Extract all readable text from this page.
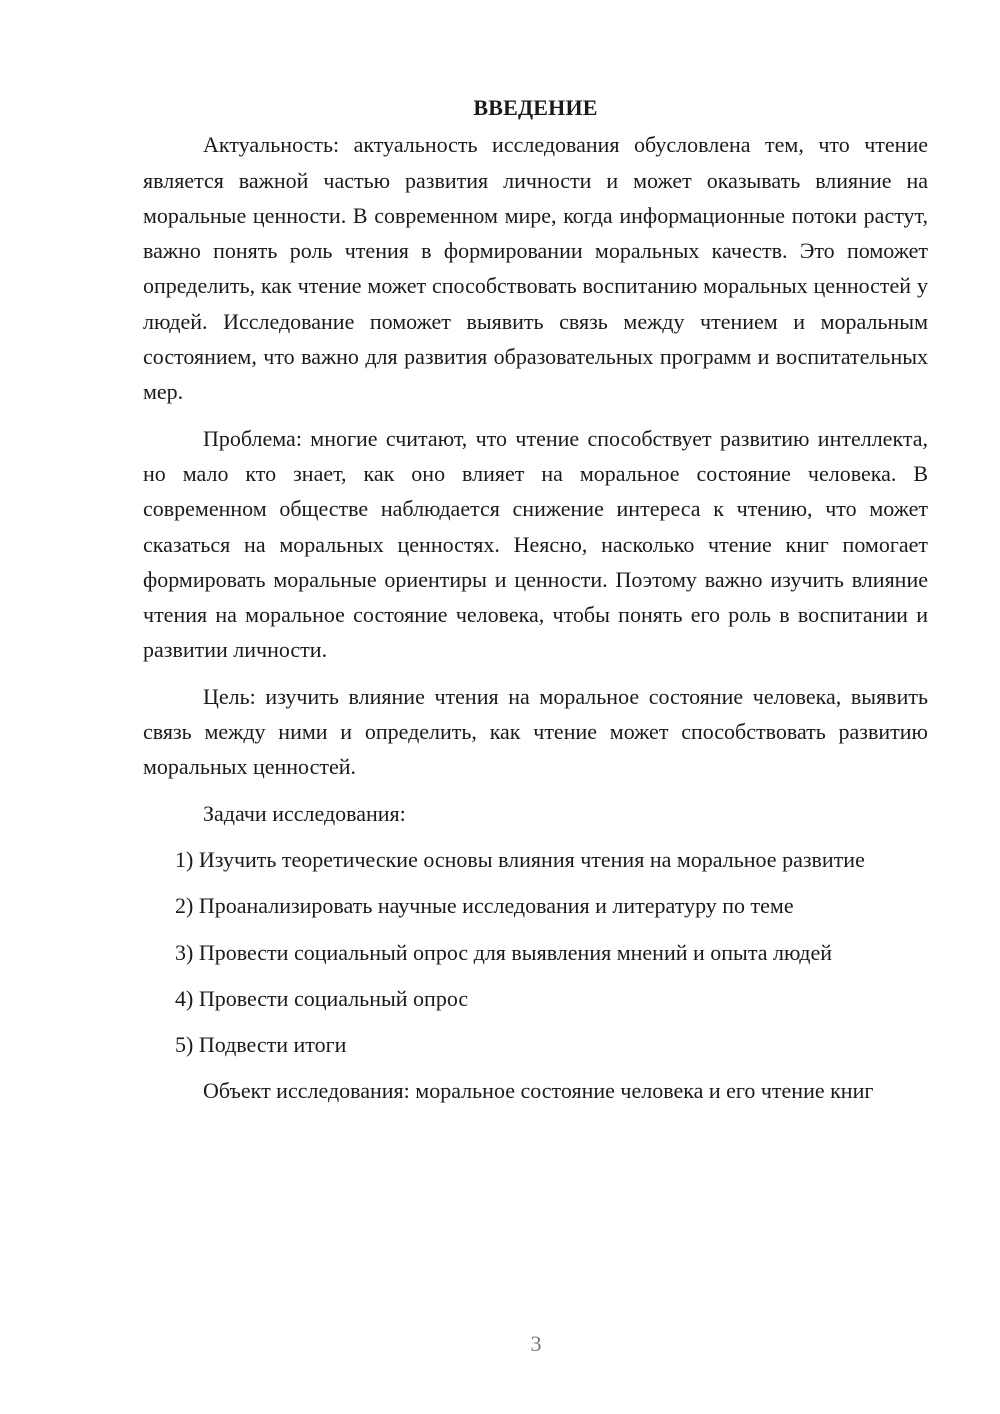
ВВЕДЕНИЕ

Актуальность: актуальность исследования обусловлена тем, что чтение является важной частью развития личности и может оказывать влияние на моральные ценности. В современном мире, когда информационные потоки растут, важно понять роль чтения в формировании моральных качеств. Это поможет определить, как чтение может способствовать воспитанию моральных ценностей у людей. Исследование поможет выявить связь между чтением и моральным состоянием, что важно для развития образовательных программ и воспитательных мер.

Проблема: многие считают, что чтение способствует развитию интеллекта, но мало кто знает, как оно влияет на моральное состояние человека. В современном обществе наблюдается снижение интереса к чтению, что может сказаться на моральных ценностях. Неясно, насколько чтение книг помогает формировать моральные ориентиры и ценности. Поэтому важно изучить влияние чтения на моральное состояние человека, чтобы понять его роль в воспитании и развитии личности.

Цель: изучить влияние чтения на моральное состояние человека, выявить связь между ними и определить, как чтение может способствовать развитию моральных ценностей.

Задачи исследования:

1) Изучить теоретические основы влияния чтения на моральное развитие

2) Проанализировать научные исследования и литературу по теме

3) Провести социальный опрос для выявления мнений и опыта людей

4) Провести социальный опрос

5) Подвести итоги

Объект исследования: моральное состояние человека и его чтение книг

3
